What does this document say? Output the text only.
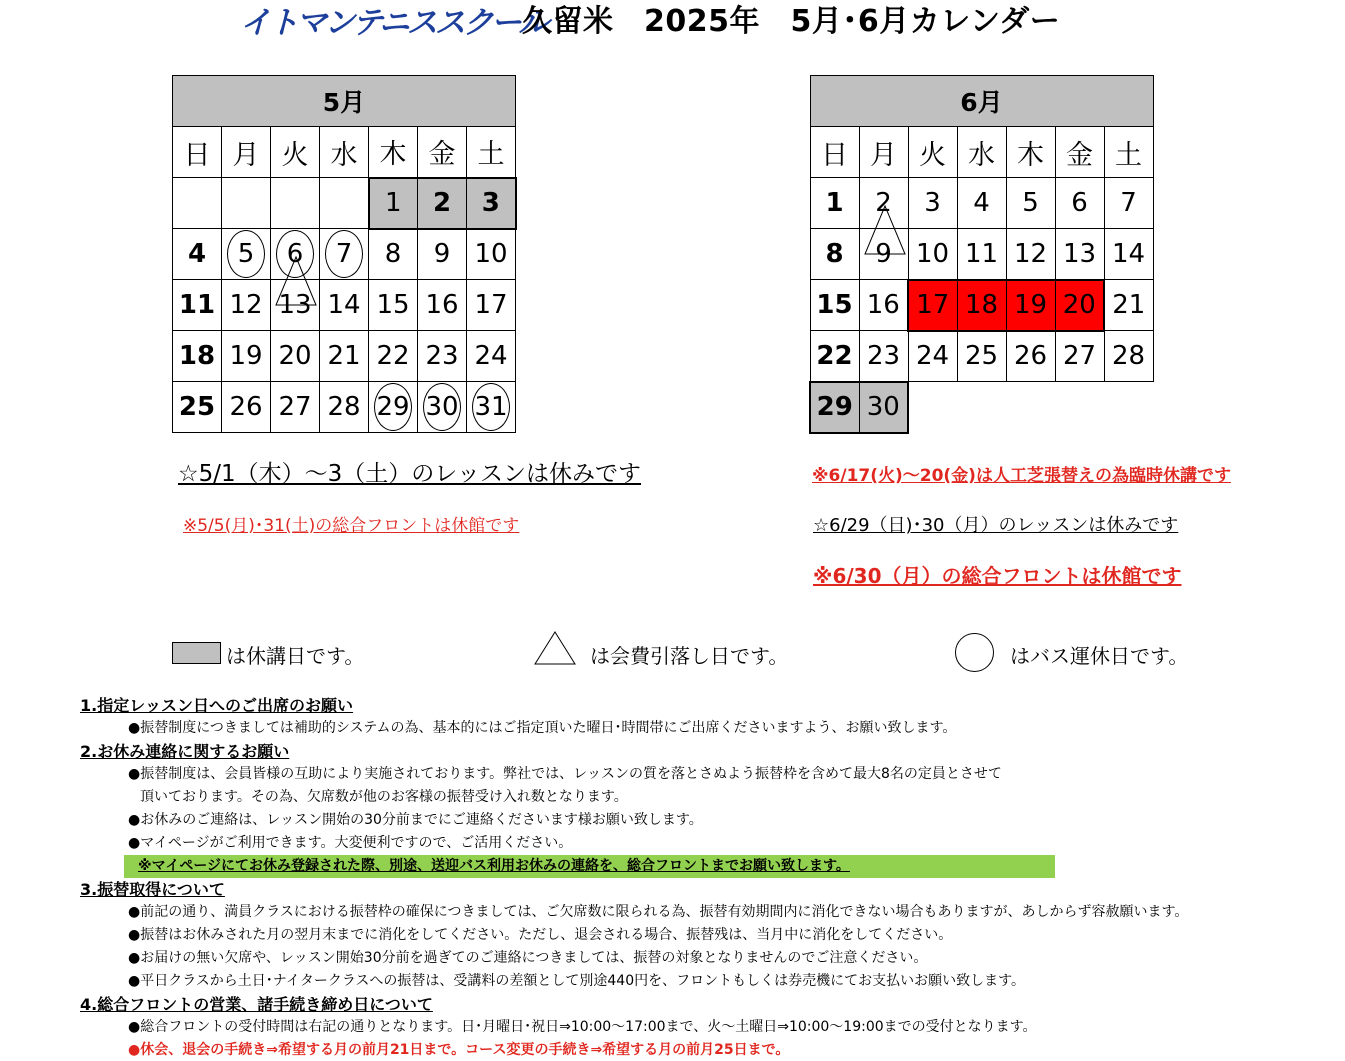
イトマンテニススクール
久留米　2025年　5月･6月カレンダー
5月						
日	月	火	水	木	金	土
				1	2	3
4	5	6	7	8	9	10
11	12	13	14	15	16	17
18	19	20	21	22	23	24
25	26	27	28	29	30	31
6月						
日	月	火	水	木	金	土
1	2	3	4	5	6	7
8	9	10	11	12	13	14
15	16	17	18	19	20	21
22	23	24	25	26	27	28
29	30					
☆5/1（木）～3（土）のレッスンは休みです
※5/5(月)･31(土)の総合フロントは休館です
※6/17(火)～20(金)は人工芝張替えの為臨時休講です
☆6/29（日)･30（月）のレッスンは休みです
※6/30（月）の総合フロントは休館です
は休講日です。	は会費引落し日です。	はバス運休日です。
1.指定レッスン日へのご出席のお願い
●振替制度につきましては補助的システムの為、基本的にはご指定頂いた曜日･時間帯にご出席くださいますよう、お願い致します。
2.お休み連絡に関するお願い
●振替制度は、会員皆様の互助により実施されております。弊社では、レッスンの質を落とさぬよう振替枠を含めて最大8名の定員とさせて
頂いております。その為、欠席数が他のお客様の振替受け入れ数となります。
●お休みのご連絡は、レッスン開始の30分前までにご連絡くださいます様お願い致します。
●マイページがご利用できます。大変便利ですので、ご活用ください。
※マイページにてお休み登録された際、別途、送迎バス利用お休みの連絡を、総合フロントまでお願い致します。
3.振替取得について
●前記の通り、満員クラスにおける振替枠の確保につきましては、ご欠席数に限られる為、振替有効期間内に消化できない場合もありますが、あしからず容赦願います。
●振替はお休みされた月の翌月末までに消化をしてください。ただし、退会される場合、振替残は、当月中に消化をしてください。
●お届けの無い欠席や、レッスン開始30分前を過ぎてのご連絡につきましては、振替の対象となりませんのでご注意ください。
●平日クラスから土日･ナイタークラスへの振替は、受講料の差額として別途440円を、フロントもしくは券売機にてお支払いお願い致します。
4.総合フロントの営業、諸手続き締め日について
●総合フロントの受付時間は右記の通りとなります。日･月曜日･祝日⇒10:00～17:00まで、火～土曜日⇒10:00～19:00までの受付となります。
●休会、退会の手続き⇒希望する月の前月21日まで。コース変更の手続き⇒希望する月の前月25日まで。
